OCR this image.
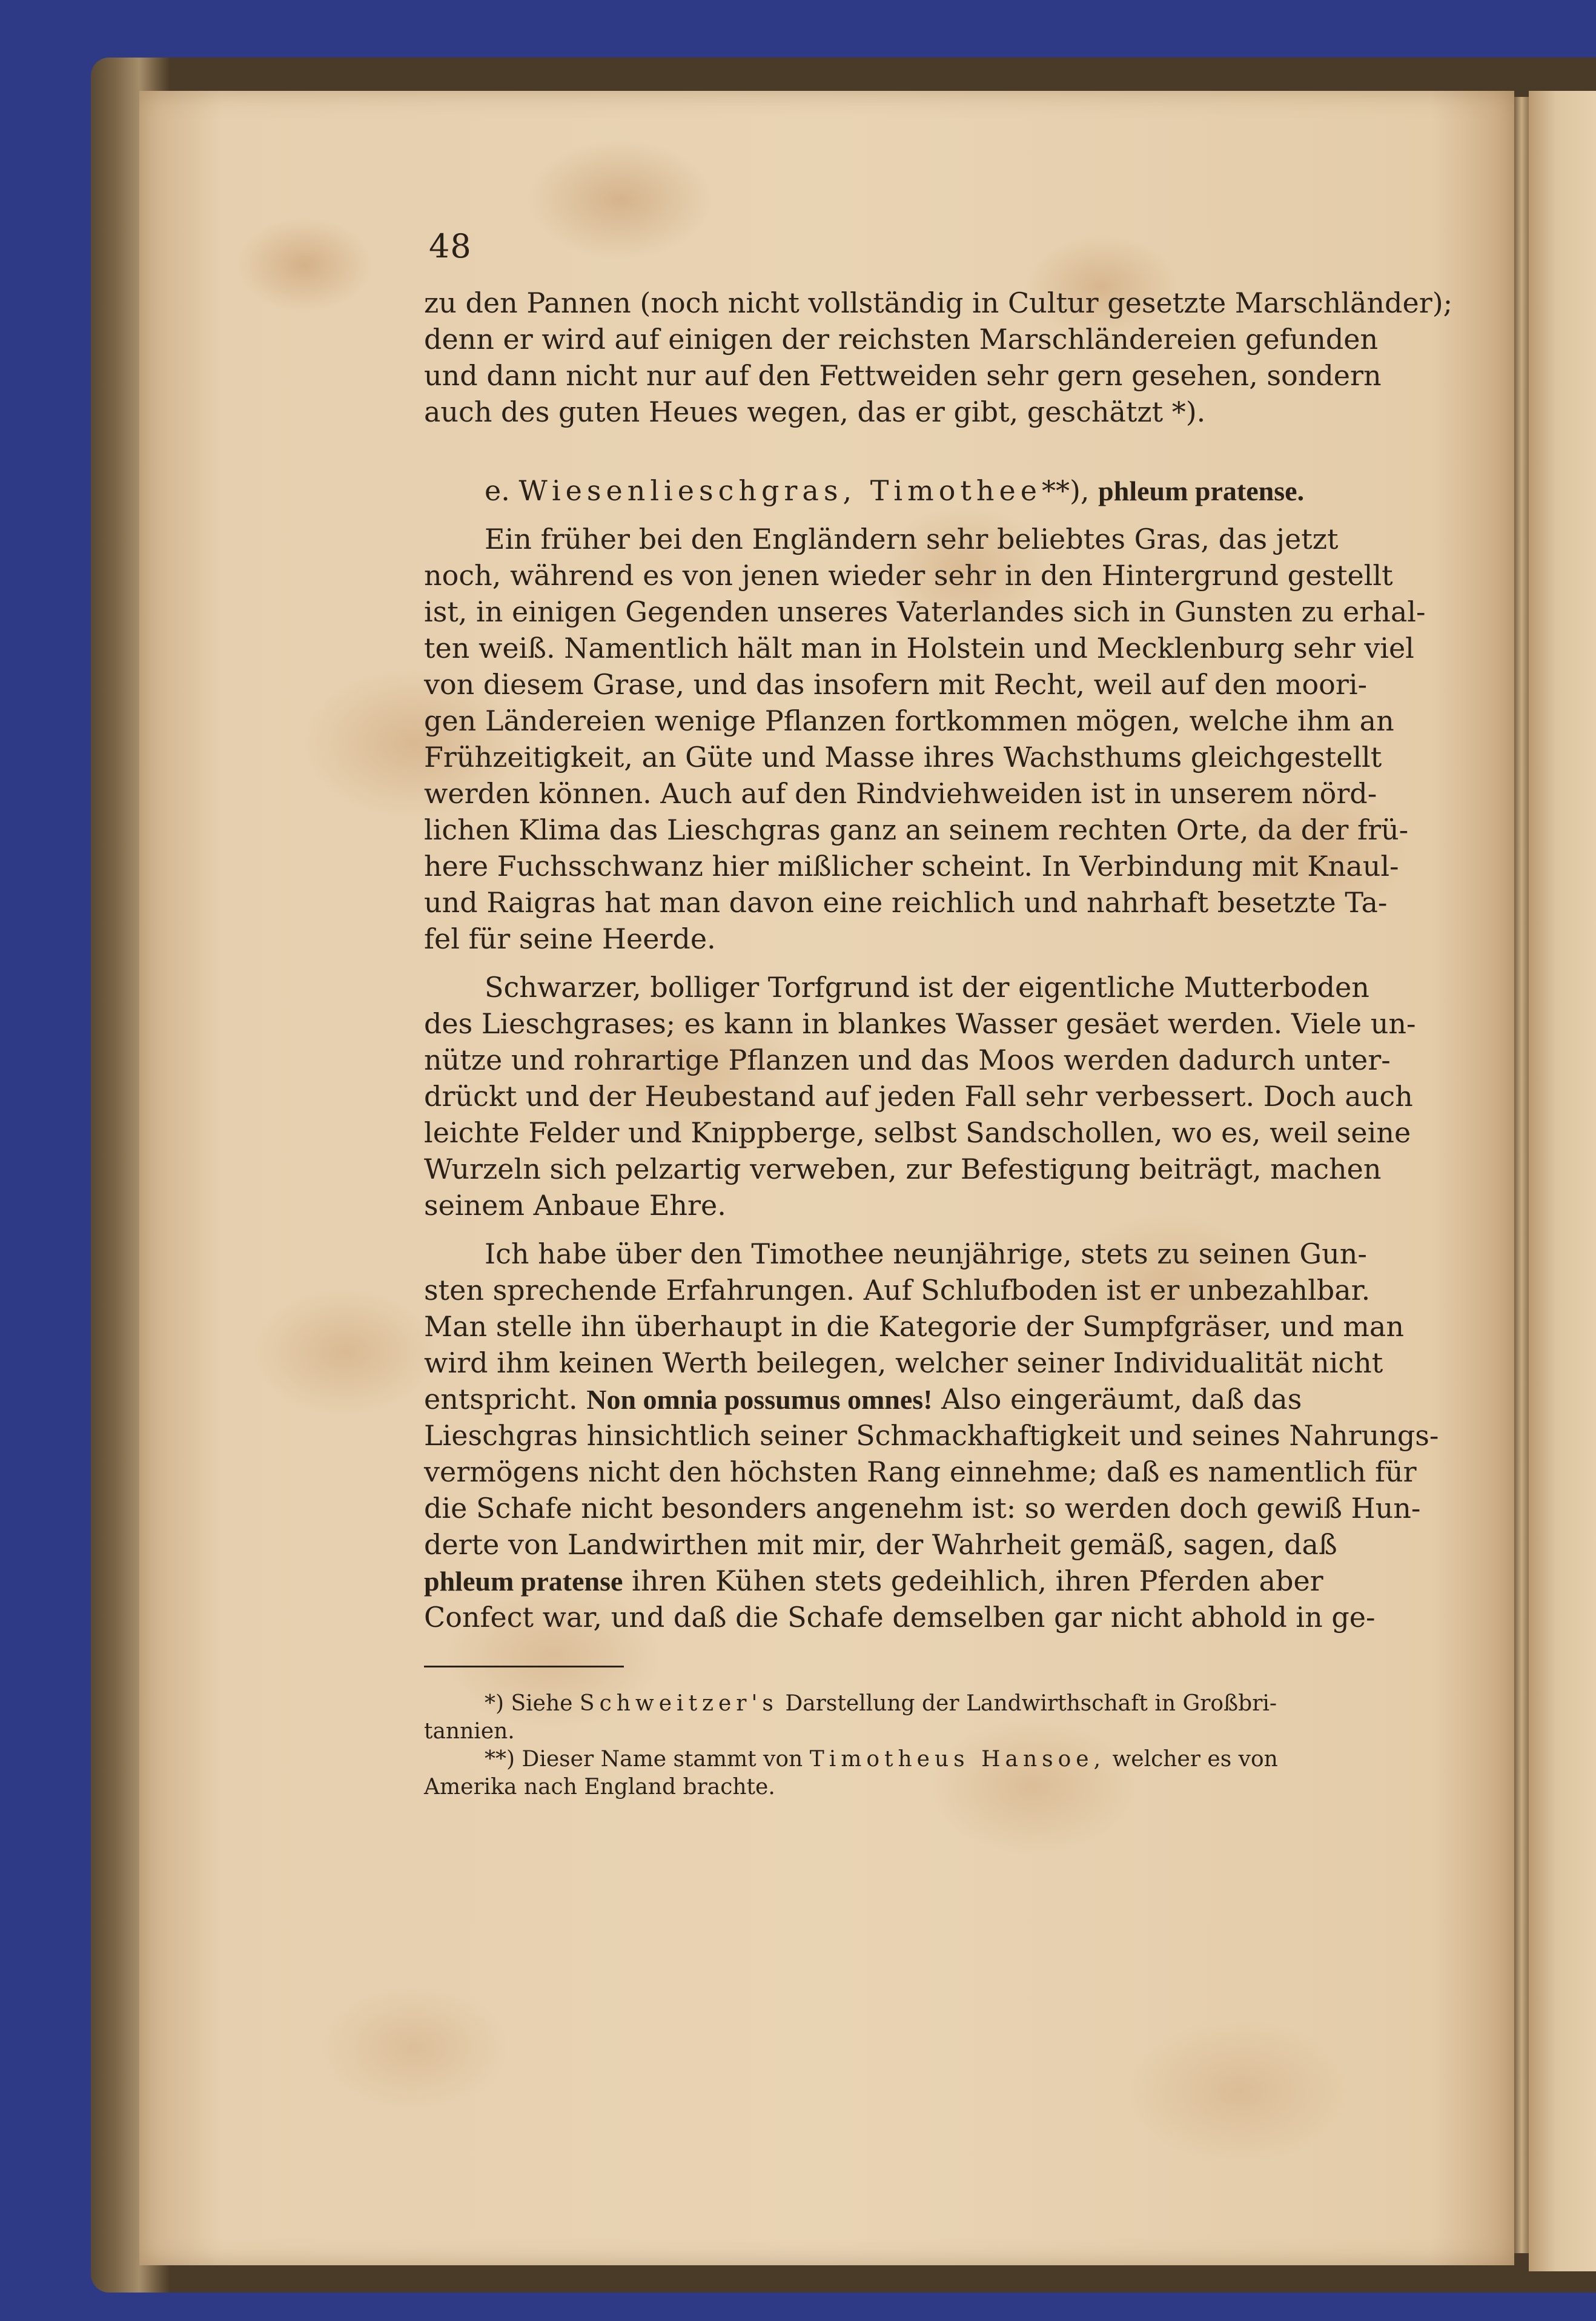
48
zu den Pannen (noch nicht vollständig in Cultur gesetzte Marschländer);
denn er wird auf einigen der reichsten Marschländereien gefunden
und dann nicht nur auf den Fettweiden sehr gern gesehen, sondern
auch des guten Heues wegen, das er gibt, geschätzt *).
e. Wiesenlieschgras, Timothee**), phleum pratense.
Ein früher bei den Engländern sehr beliebtes Gras, das jetzt
noch, während es von jenen wieder sehr in den Hintergrund gestellt
ist, in einigen Gegenden unseres Vaterlandes sich in Gunsten zu erhal-
ten weiß. Namentlich hält man in Holstein und Mecklenburg sehr viel
von diesem Grase, und das insofern mit Recht, weil auf den moori-
gen Ländereien wenige Pflanzen fortkommen mögen, welche ihm an
Frühzeitigkeit, an Güte und Masse ihres Wachsthums gleichgestellt
werden können. Auch auf den Rindviehweiden ist in unserem nörd-
lichen Klima das Lieschgras ganz an seinem rechten Orte, da der frü-
here Fuchsschwanz hier mißlicher scheint. In Verbindung mit Knaul-
und Raigras hat man davon eine reichlich und nahrhaft besetzte Ta-
fel für seine Heerde.
Schwarzer, bolliger Torfgrund ist der eigentliche Mutterboden
des Lieschgrases; es kann in blankes Wasser gesäet werden. Viele un-
nütze und rohrartige Pflanzen und das Moos werden dadurch unter-
drückt und der Heubestand auf jeden Fall sehr verbessert. Doch auch
leichte Felder und Knippberge, selbst Sandschollen, wo es, weil seine
Wurzeln sich pelzartig verweben, zur Befestigung beiträgt, machen
seinem Anbaue Ehre.
Ich habe über den Timothee neunjährige, stets zu seinen Gun-
sten sprechende Erfahrungen. Auf Schlufboden ist er unbezahlbar.
Man stelle ihn überhaupt in die Kategorie der Sumpfgräser, und man
wird ihm keinen Werth beilegen, welcher seiner Individualität nicht
entspricht. Non omnia possumus omnes! Also eingeräumt, daß das
Lieschgras hinsichtlich seiner Schmackhaftigkeit und seines Nahrungs-
vermögens nicht den höchsten Rang einnehme; daß es namentlich für
die Schafe nicht besonders angenehm ist: so werden doch gewiß Hun-
derte von Landwirthen mit mir, der Wahrheit gemäß, sagen, daß
phleum pratense ihren Kühen stets gedeihlich, ihren Pferden aber
Confect war, und daß die Schafe demselben gar nicht abhold in ge-
*) Siehe Schweitzer's Darstellung der Landwirthschaft in Großbri-
tannien.
**) Dieser Name stammt von Timotheus Hansoe, welcher es von
Amerika nach England brachte.
